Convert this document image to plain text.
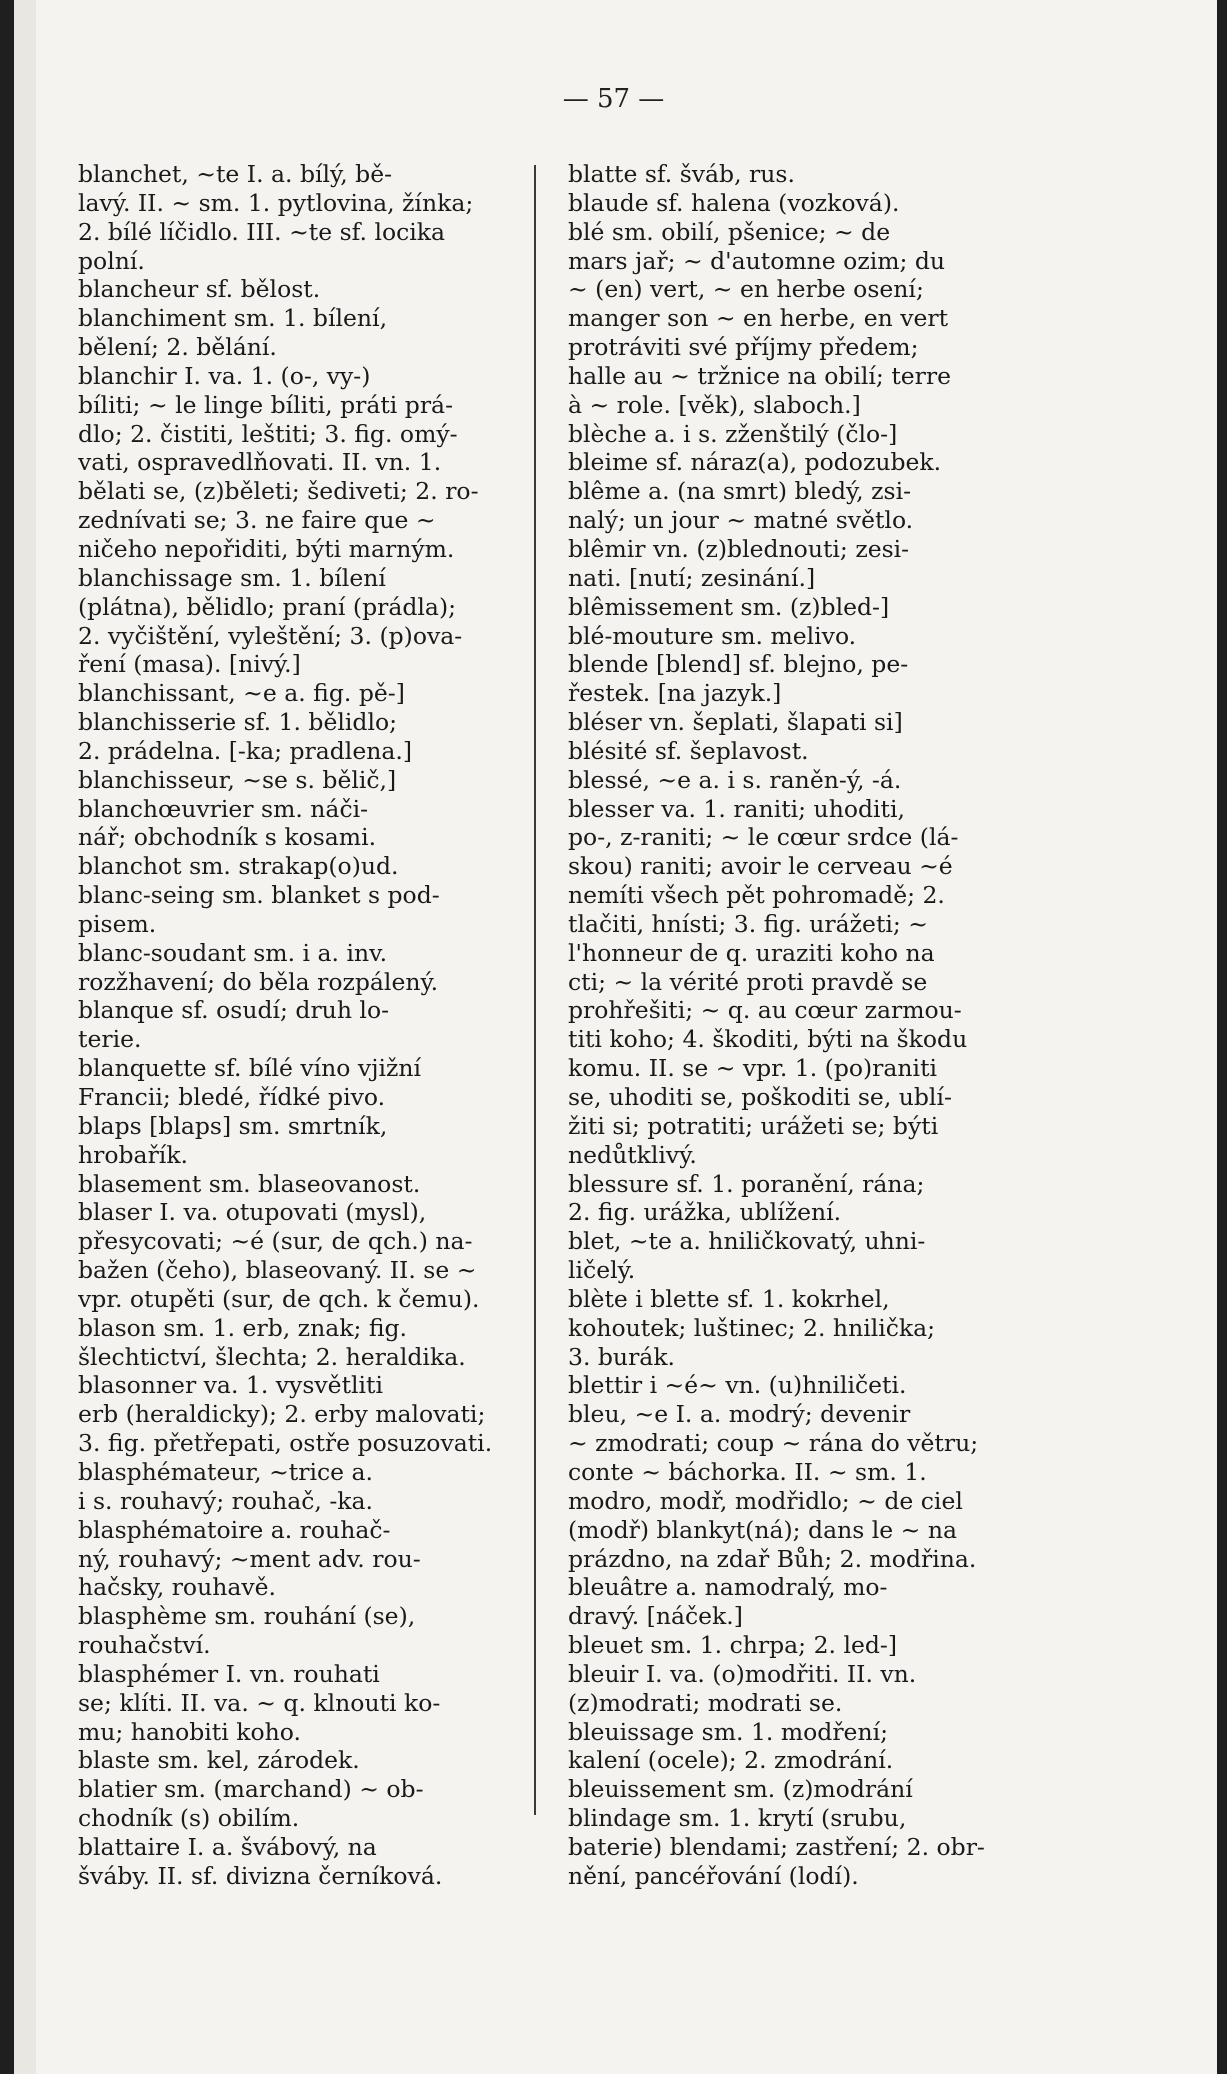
— 57 —
blanchet, ~te I. a. bílý, bě-
lavý. II. ~ sm. 1. pytlovina, žínka;
2. bílé líčidlo. III. ~te sf. locika
polní.
blancheur sf. bělost.
blanchiment sm. 1. bílení,
bělení; 2. bělání.
blanchir I. va. 1. (o-, vy-)
bíliti; ~ le linge bíliti, práti prá-
dlo; 2. čistiti, leštiti; 3. fig. omý-
vati, ospravedlňovati. II. vn. 1.
bělati se, (z)běleti; šediveti; 2. ro-
zednívati se; 3. ne faire que ~
ničeho nepořiditi, býti marným.
blanchissage sm. 1. bílení
(plátna), bělidlo; praní (prádla);
2. vyčištění, vyleštění; 3. (p)ova-
ření (masa). [nivý.]
blanchissant, ~e a. fig. pě-]
blanchisserie sf. 1. bělidlo;
2. prádelna. [-ka; pradlena.]
blanchisseur, ~se s. bělič,]
blanchœuvrier sm. náči-
nář; obchodník s kosami.
blanchot sm. strakap(o)ud.
blanc-seing sm. blanket s pod-
pisem.
blanc-soudant sm. i a. inv.
rozžhavení; do běla rozpálený.
blanque sf. osudí; druh lo-
terie.
blanquette sf. bílé víno vjižní
Francii; bledé, řídké pivo.
blaps [blaps] sm. smrtník,
hrobařík.
blasement sm. blaseovanost.
blaser I. va. otupovati (mysl),
přesycovati; ~é (sur, de qch.) na-
bažen (čeho), blaseovaný. II. se ~
vpr. otupěti (sur, de qch. k čemu).
blason sm. 1. erb, znak; fig.
šlechtictví, šlechta; 2. heraldika.
blasonner va. 1. vysvětliti
erb (heraldicky); 2. erby malovati;
3. fig. přetřepati, ostře posuzovati.
blasphémateur, ~trice a.
i s. rouhavý; rouhač, -ka.
blasphématoire a. rouhač-
ný, rouhavý; ~ment adv. rou-
hačsky, rouhavě.
blasphème sm. rouhání (se),
rouhačství.
blasphémer I. vn. rouhati
se; klíti. II. va. ~ q. klnouti ko-
mu; hanobiti koho.
blaste sm. kel, zárodek.
blatier sm. (marchand) ~ ob-
chodník (s) obilím.
blattaire I. a. švábový, na
šváby. II. sf. divizna černíková.
blatte sf. šváb, rus.
blaude sf. halena (vozková).
blé sm. obilí, pšenice; ~ de
mars jař; ~ d'automne ozim; du
~ (en) vert, ~ en herbe osení;
manger son ~ en herbe, en vert
protráviti své příjmy předem;
halle au ~ tržnice na obilí; terre
à ~ role. [věk), slaboch.]
blèche a. i s. zženštilý (člo-]
bleime sf. náraz(a), podozubek.
blême a. (na smrt) bledý, zsi-
nalý; un jour ~ matné světlo.
blêmir vn. (z)blednouti; zesi-
nati. [nutí; zesinání.]
blêmissement sm. (z)bled-]
blé-mouture sm. melivo.
blende [blend] sf. blejno, pe-
řestek. [na jazyk.]
bléser vn. šeplati, šlapati si]
blésité sf. šeplavost.
blessé, ~e a. i s. raněn-ý, -á.
blesser va. 1. raniti; uhoditi,
po-, z-raniti; ~ le cœur srdce (lá-
skou) raniti; avoir le cerveau ~é
nemíti všech pět pohromadě; 2.
tlačiti, hnísti; 3. fig. urážeti; ~
l'honneur de q. uraziti koho na
cti; ~ la vérité proti pravdě se
prohřešiti; ~ q. au cœur zarmou-
titi koho; 4. škoditi, býti na škodu
komu. II. se ~ vpr. 1. (po)raniti
se, uhoditi se, poškoditi se, ublí-
žiti si; potratiti; urážeti se; býti
nedůtklivý.
blessure sf. 1. poranění, rána;
2. fig. urážka, ublížení.
blet, ~te a. hniličkovatý, uhni-
ličelý.
blète i blette sf. 1. kokrhel,
kohoutek; luštinec; 2. hnilička;
3. burák.
blettir i ~é~ vn. (u)hniličeti.
bleu, ~e I. a. modrý; devenir
~ zmodrati; coup ~ rána do větru;
conte ~ báchorka. II. ~ sm. 1.
modro, modř, modřidlo; ~ de ciel
(modř) blankyt(ná); dans le ~ na
prázdno, na zdař Bůh; 2. modřina.
bleuâtre a. namodralý, mo-
dravý. [náček.]
bleuet sm. 1. chrpa; 2. led-]
bleuir I. va. (o)modřiti. II. vn.
(z)modrati; modrati se.
bleuissage sm. 1. modření;
kalení (ocele); 2. zmodrání.
bleuissement sm. (z)modrání
blindage sm. 1. krytí (srubu,
baterie) blendami; zastření; 2. obr-
nění, pancéřování (lodí).
